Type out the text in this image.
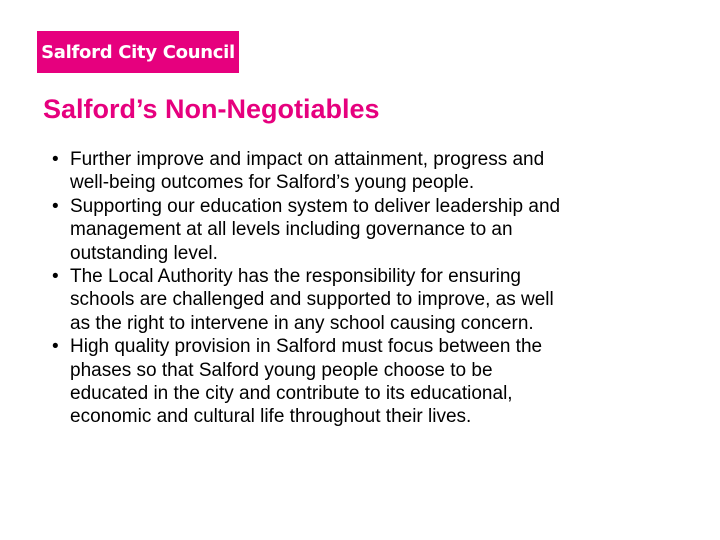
Salford City Council
Salford’s Non-Negotiables
• Further improve and impact on attainment, progress and
well-being outcomes for Salford’s young people.
• Supporting our education system to deliver leadership and
management at all levels including governance to an
outstanding level.
• The Local Authority has the responsibility for ensuring
schools are challenged and supported to improve, as well
as the right to intervene in any school causing concern.
• High quality provision in Salford must focus between the
phases so that Salford young people choose to be
educated in the city and contribute to its educational,
economic and cultural life throughout their lives.
